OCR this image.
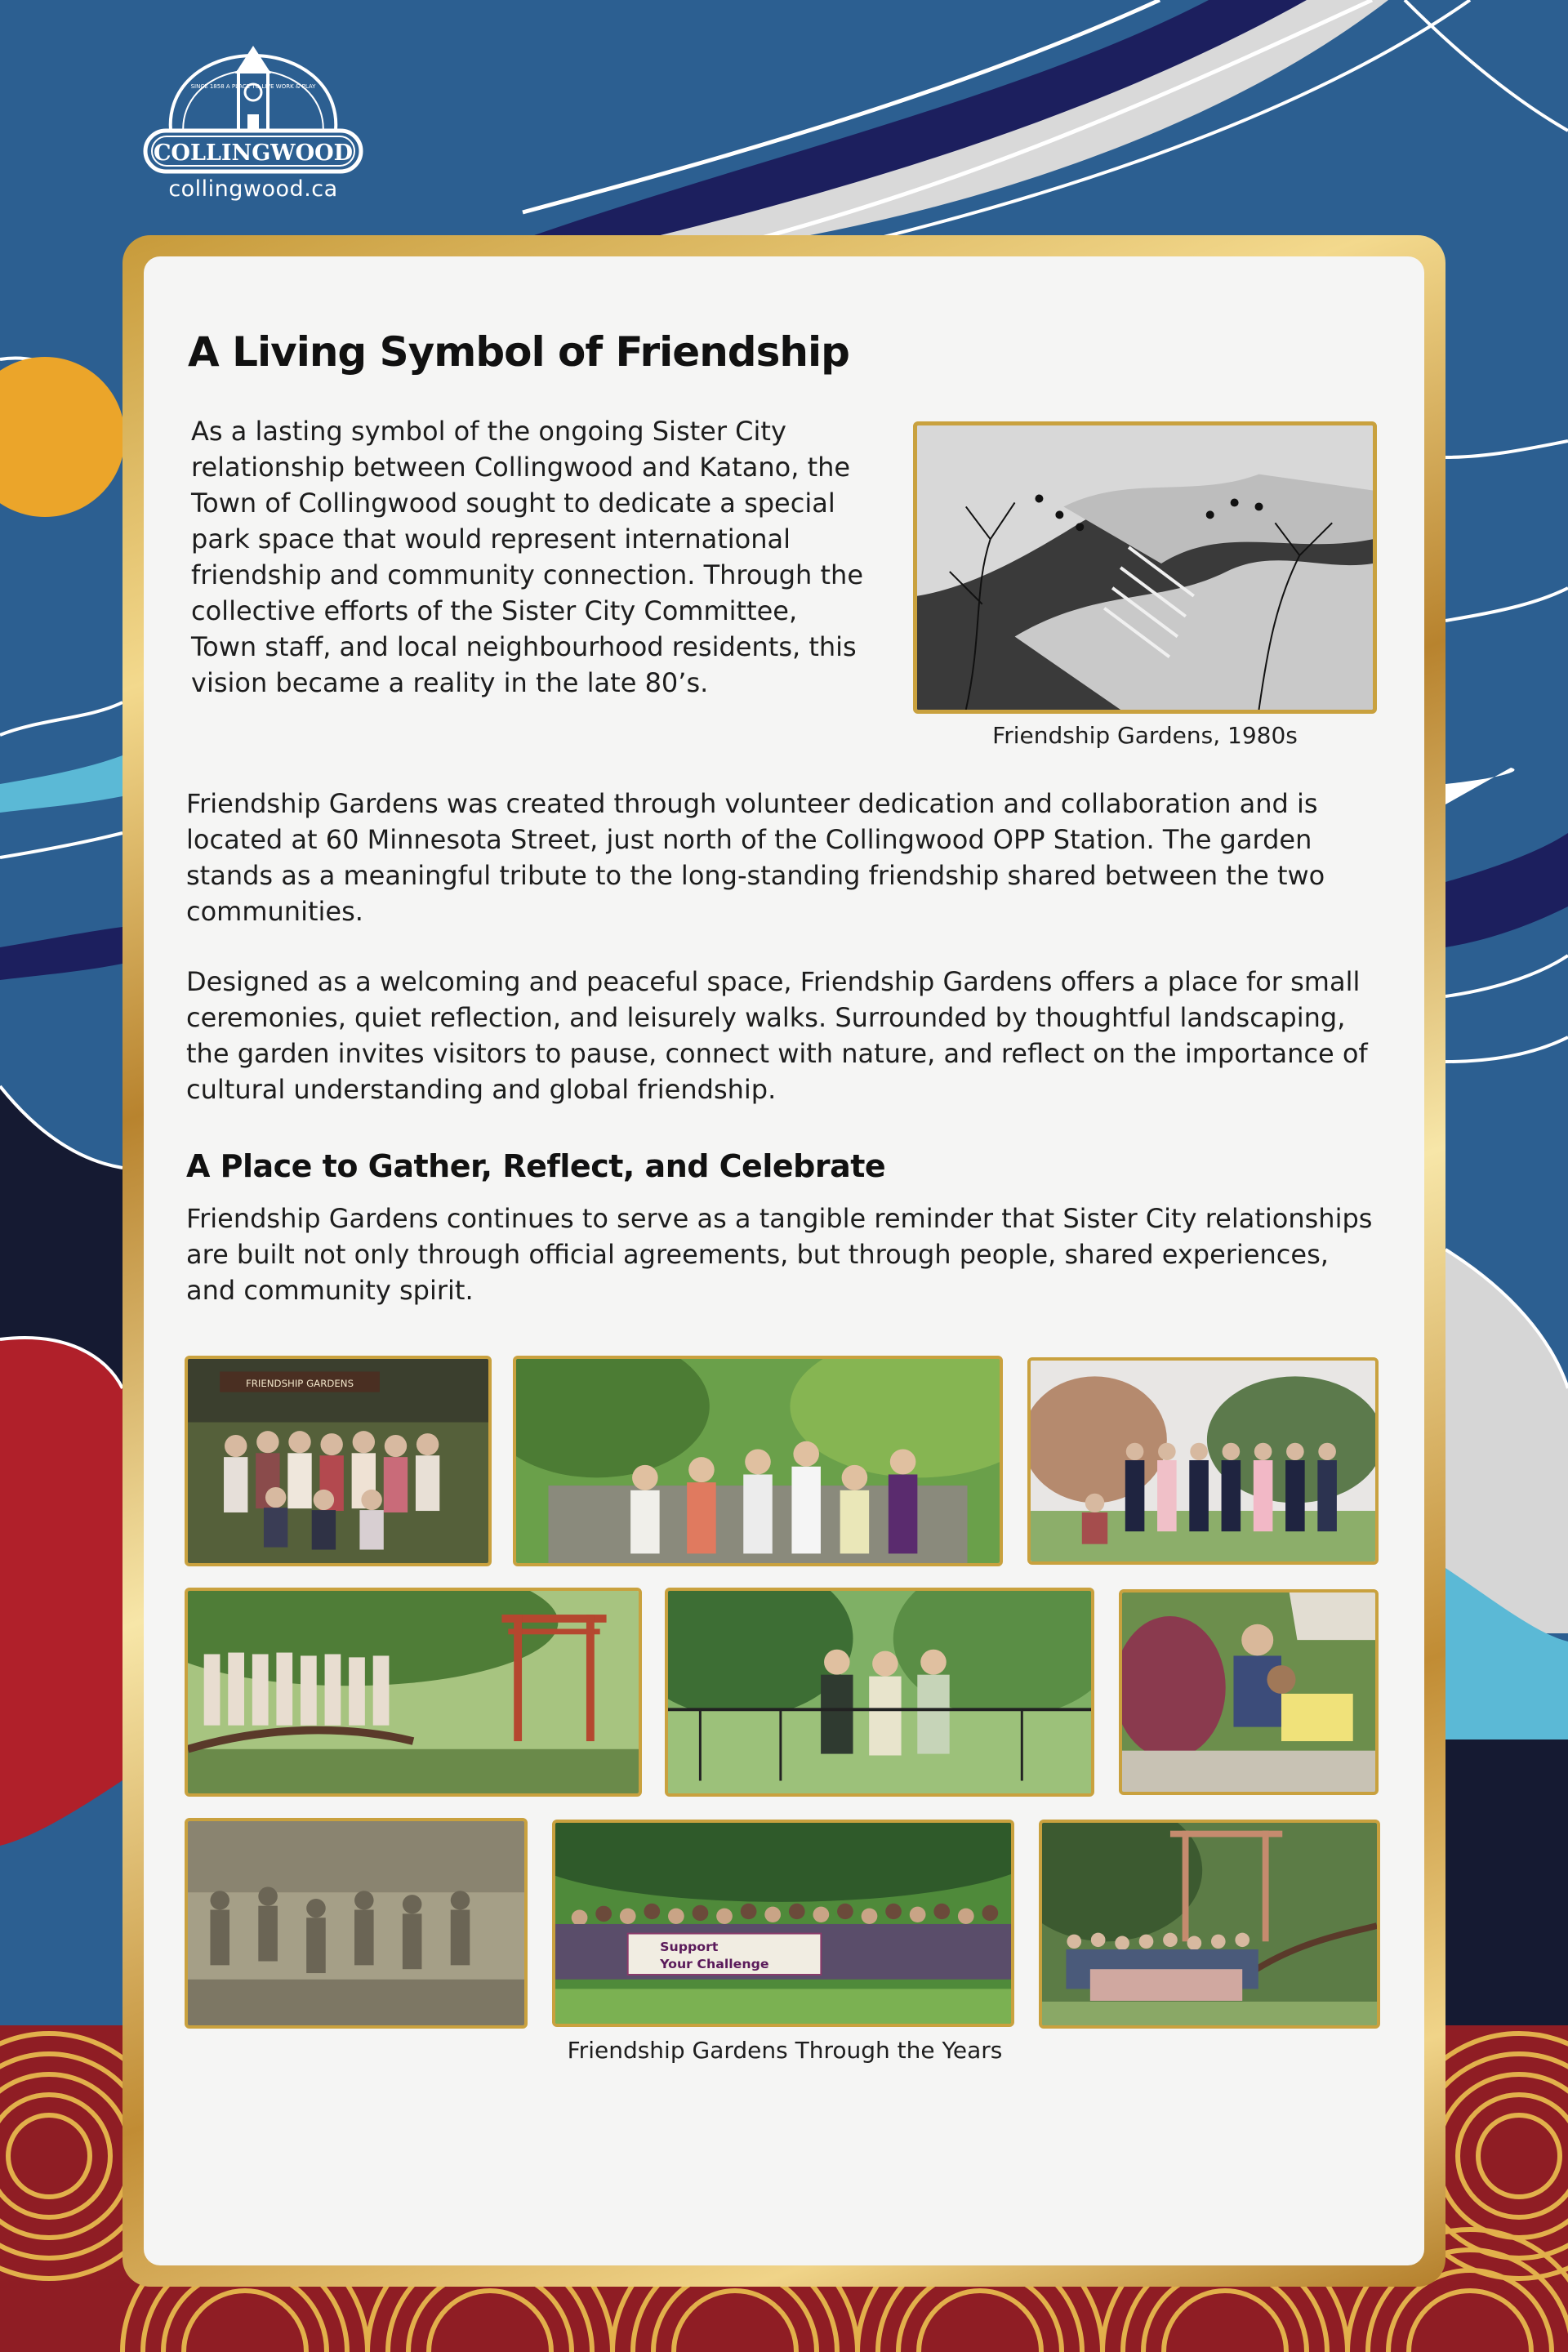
COLLINGWOOD
SINCE 1858 A PLACE TO LIVE WORK & PLAY
collingwood.ca
A Living Symbol of Friendship

As a lasting symbol of the ongoing Sister City relationship between Collingwood and Katano, the Town of Collingwood sought to dedicate a special park space that would represent international friendship and community connection. Through the collective efforts of the Sister City Committee, Town staff, and local neighbourhood residents, this vision became a reality in the late 80’s.

Friendship Gardens, 1980s

Friendship Gardens was created through volunteer dedication and collaboration and is located at 60 Minnesota Street, just north of the Collingwood OPP Station. The garden stands as a meaningful tribute to the long-standing friendship shared between the two communities.

Designed as a welcoming and peaceful space, Friendship Gardens offers a place for small ceremonies, quiet reflection, and leisurely walks. Surrounded by thoughtful landscaping, the garden invites visitors to pause, connect with nature, and reflect on the importance of cultural understanding and global friendship.

A Place to Gather, Reflect, and Celebrate

Friendship Gardens continues to serve as a tangible reminder that Sister City relationships are built not only through official agreements, but through people, shared experiences, and community spirit.

FRIENDSHIP GARDENS
Support
Your Challenge
Friendship Gardens Through the Years
